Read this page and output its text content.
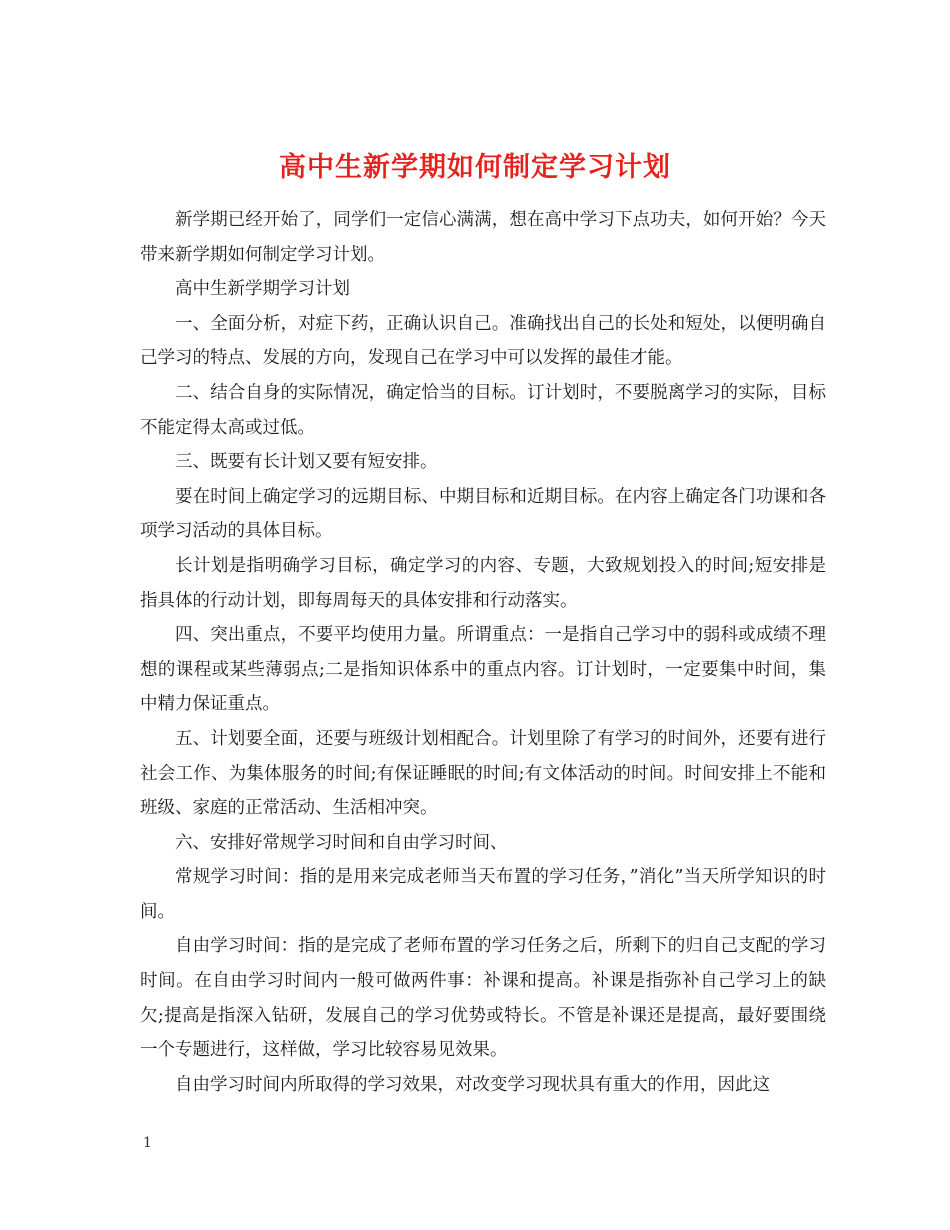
高中生新学期如何制定学习计划

新学期已经开始了，同学们一定信心满满，想在高中学习下点功夫，如何开始？今天带来新学期如何制定学习计划。

高中生新学期学习计划

一、全面分析，对症下药，正确认识自己。准确找出自己的长处和短处，以便明确自己学习的特点、发展的方向，发现自己在学习中可以发挥的最佳才能。

二、结合自身的实际情况，确定恰当的目标。订计划时，不要脱离学习的实际，目标不能定得太高或过低。

三、既要有长计划又要有短安排。

要在时间上确定学习的远期目标、中期目标和近期目标。在内容上确定各门功课和各项学习活动的具体目标。

长计划是指明确学习目标，确定学习的内容、专题，大致规划投入的时间;短安排是指具体的行动计划，即每周每天的具体安排和行动落实。

四、突出重点，不要平均使用力量。所谓重点：一是指自己学习中的弱科或成绩不理想的课程或某些薄弱点;二是指知识体系中的重点内容。订计划时，一定要集中时间，集中精力保证重点。

五、计划要全面，还要与班级计划相配合。计划里除了有学习的时间外，还要有进行社会工作、为集体服务的时间;有保证睡眠的时间;有文体活动的时间。时间安排上不能和班级、家庭的正常活动、生活相冲突。

六、安排好常规学习时间和自由学习时间、

常规学习时间：指的是用来完成老师当天布置的学习任务，”消化”当天所学知识的时间。

自由学习时间：指的是完成了老师布置的学习任务之后，所剩下的归自己支配的学习时间。在自由学习时间内一般可做两件事：补课和提高。补课是指弥补自己学习上的缺欠;提高是指深入钻研，发展自己的学习优势或特长。不管是补课还是提高，最好要围绕一个专题进行，这样做，学习比较容易见效果。

自由学习时间内所取得的学习效果，对改变学习现状具有重大的作用，因此这

1
